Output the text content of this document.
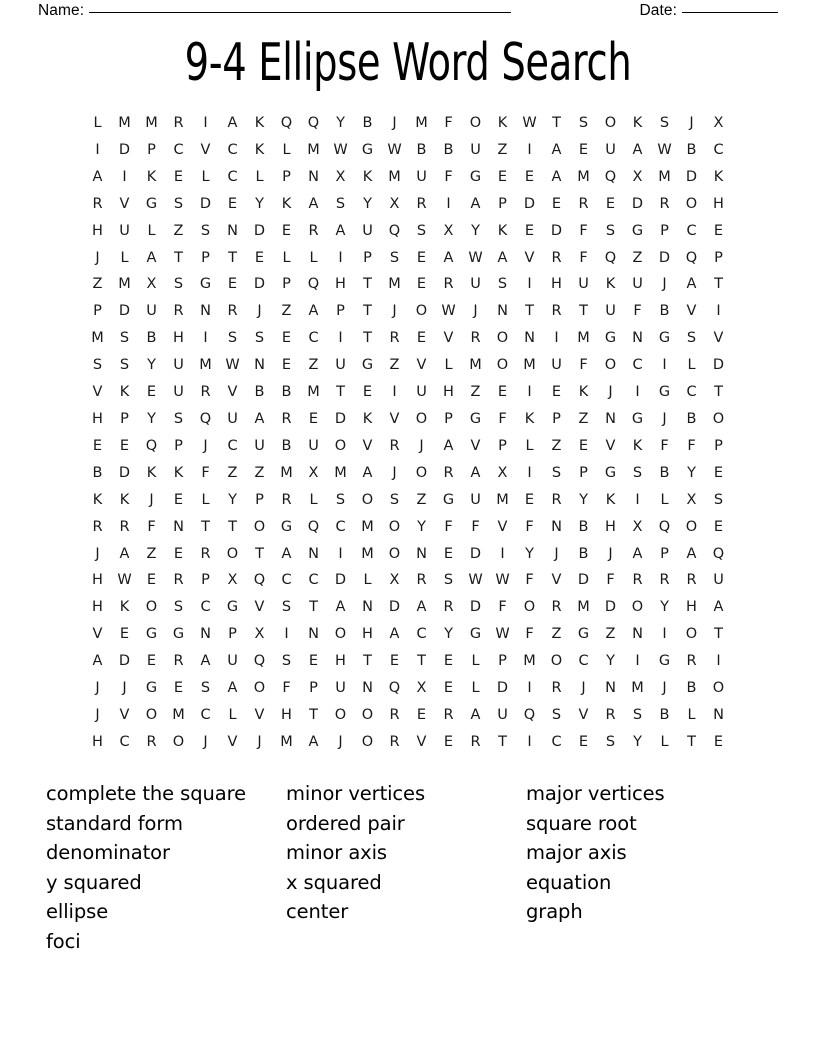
Name:	Date:
9-4 Ellipse Word Search
L	M	M	R	I	A	K	Q	Q	Y	B	J	M	F	O	K	W	T	S	O	K	S	J	X
I	D	P	C	V	C	K	L	M	W	G	W	B	B	U	Z	I	A	E	U	A	W	B	C
A	I	K	E	L	C	L	P	N	X	K	M	U	F	G	E	E	A	M	Q	X	M	D	K
R	V	G	S	D	E	Y	K	A	S	Y	X	R	I	A	P	D	E	R	E	D	R	O	H
H	U	L	Z	S	N	D	E	R	A	U	Q	S	X	Y	K	E	D	F	S	G	P	C	E
J	L	A	T	P	T	E	L	L	I	P	S	E	A	W	A	V	R	F	Q	Z	D	Q	P
Z	M	X	S	G	E	D	P	Q	H	T	M	E	R	U	S	I	H	U	K	U	J	A	T
P	D	U	R	N	R	J	Z	A	P	T	J	O	W	J	N	T	R	T	U	F	B	V	I
M	S	B	H	I	S	S	E	C	I	T	R	E	V	R	O	N	I	M	G	N	G	S	V
S	S	Y	U	M	W	N	E	Z	U	G	Z	V	L	M	O	M	U	F	O	C	I	L	D
V	K	E	U	R	V	B	B	M	T	E	I	U	H	Z	E	I	E	K	J	I	G	C	T
H	P	Y	S	Q	U	A	R	E	D	K	V	O	P	G	F	K	P	Z	N	G	J	B	O
E	E	Q	P	J	C	U	B	U	O	V	R	J	A	V	P	L	Z	E	V	K	F	F	P
B	D	K	K	F	Z	Z	M	X	M	A	J	O	R	A	X	I	S	P	G	S	B	Y	E
K	K	J	E	L	Y	P	R	L	S	O	S	Z	G	U	M	E	R	Y	K	I	L	X	S
R	R	F	N	T	T	O	G	Q	C	M	O	Y	F	F	V	F	N	B	H	X	Q	O	E
J	A	Z	E	R	O	T	A	N	I	M	O	N	E	D	I	Y	J	B	J	A	P	A	Q
H	W	E	R	P	X	Q	C	C	D	L	X	R	S	W	W	F	V	D	F	R	R	R	U
H	K	O	S	C	G	V	S	T	A	N	D	A	R	D	F	O	R	M	D	O	Y	H	A
V	E	G	G	N	P	X	I	N	O	H	A	C	Y	G	W	F	Z	G	Z	N	I	O	T
A	D	E	R	A	U	Q	S	E	H	T	E	T	E	L	P	M	O	C	Y	I	G	R	I
J	J	G	E	S	A	O	F	P	U	N	Q	X	E	L	D	I	R	J	N	M	J	B	O
J	V	O	M	C	L	V	H	T	O	O	R	E	R	A	U	Q	S	V	R	S	B	L	N
H	C	R	O	J	V	J	M	A	J	O	R	V	E	R	T	I	C	E	S	Y	L	T	E
complete the square
standard form
denominator
y squared
ellipse
foci
minor vertices
ordered pair
minor axis
x squared
center
major vertices
square root
major axis
equation
graph
